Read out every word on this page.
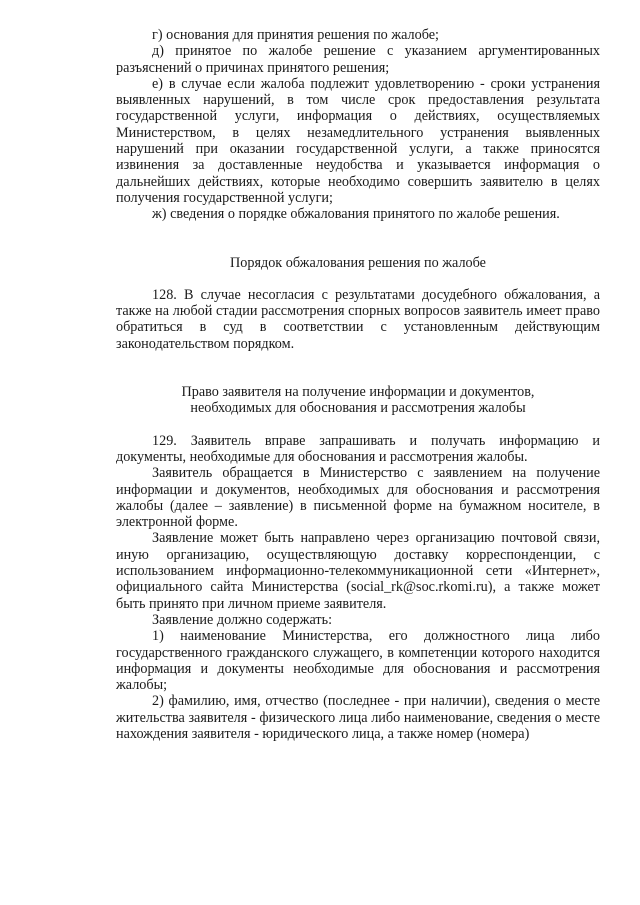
г) основания для принятия решения по жалобе;

д) принятое по жалобе решение с указанием аргументированных разъяснений о причинах принятого решения;

е) в случае если жалоба подлежит удовлетворению - сроки устранения выявленных нарушений, в том числе срок предоставления результата государственной услуги, информация о действиях, осуществляемых Министерством, в целях незамедлительного устранения выявленных нарушений при оказании государственной услуги, а также приносятся извинения за доставленные неудобства и указывается информация о дальнейших действиях, которые необходимо совершить заявителю в целях получения государственной услуги;

ж) сведения о порядке обжалования принятого по жалобе решения.

Порядок обжалования решения по жалобе

128. В случае несогласия с результатами досудебного обжалования, а также на любой стадии рассмотрения спорных вопросов заявитель имеет право обратиться в суд в соответствии с установленным действующим законодательством порядком.

Право заявителя на получение информации и документов,

необходимых для обоснования и рассмотрения жалобы

129. Заявитель вправе запрашивать и получать информацию и документы, необходимые для обоснования и рассмотрения жалобы.

Заявитель обращается в Министерство с заявлением на получение информации и документов, необходимых для обоснования и рассмотрения жалобы (далее – заявление) в письменной форме на бумажном носителе, в электронной форме.

Заявление может быть направлено через организацию почтовой связи, иную организацию, осуществляющую доставку корреспонденции, с использованием информационно-телекоммуникационной сети «Интернет», официального сайта Министерства (social_rk@soc.rkomi.ru), а также может быть принято при личном приеме заявителя.

Заявление должно содержать:

1) наименование Министерства, его должностного лица либо государственного гражданского служащего, в компетенции которого находится информация и документы необходимые для обоснования и рассмотрения жалобы;

2) фамилию, имя, отчество (последнее - при наличии), сведения о месте жительства заявителя - физического лица либо наименование, сведения о месте нахождения заявителя - юридического лица, а также номер (номера)
